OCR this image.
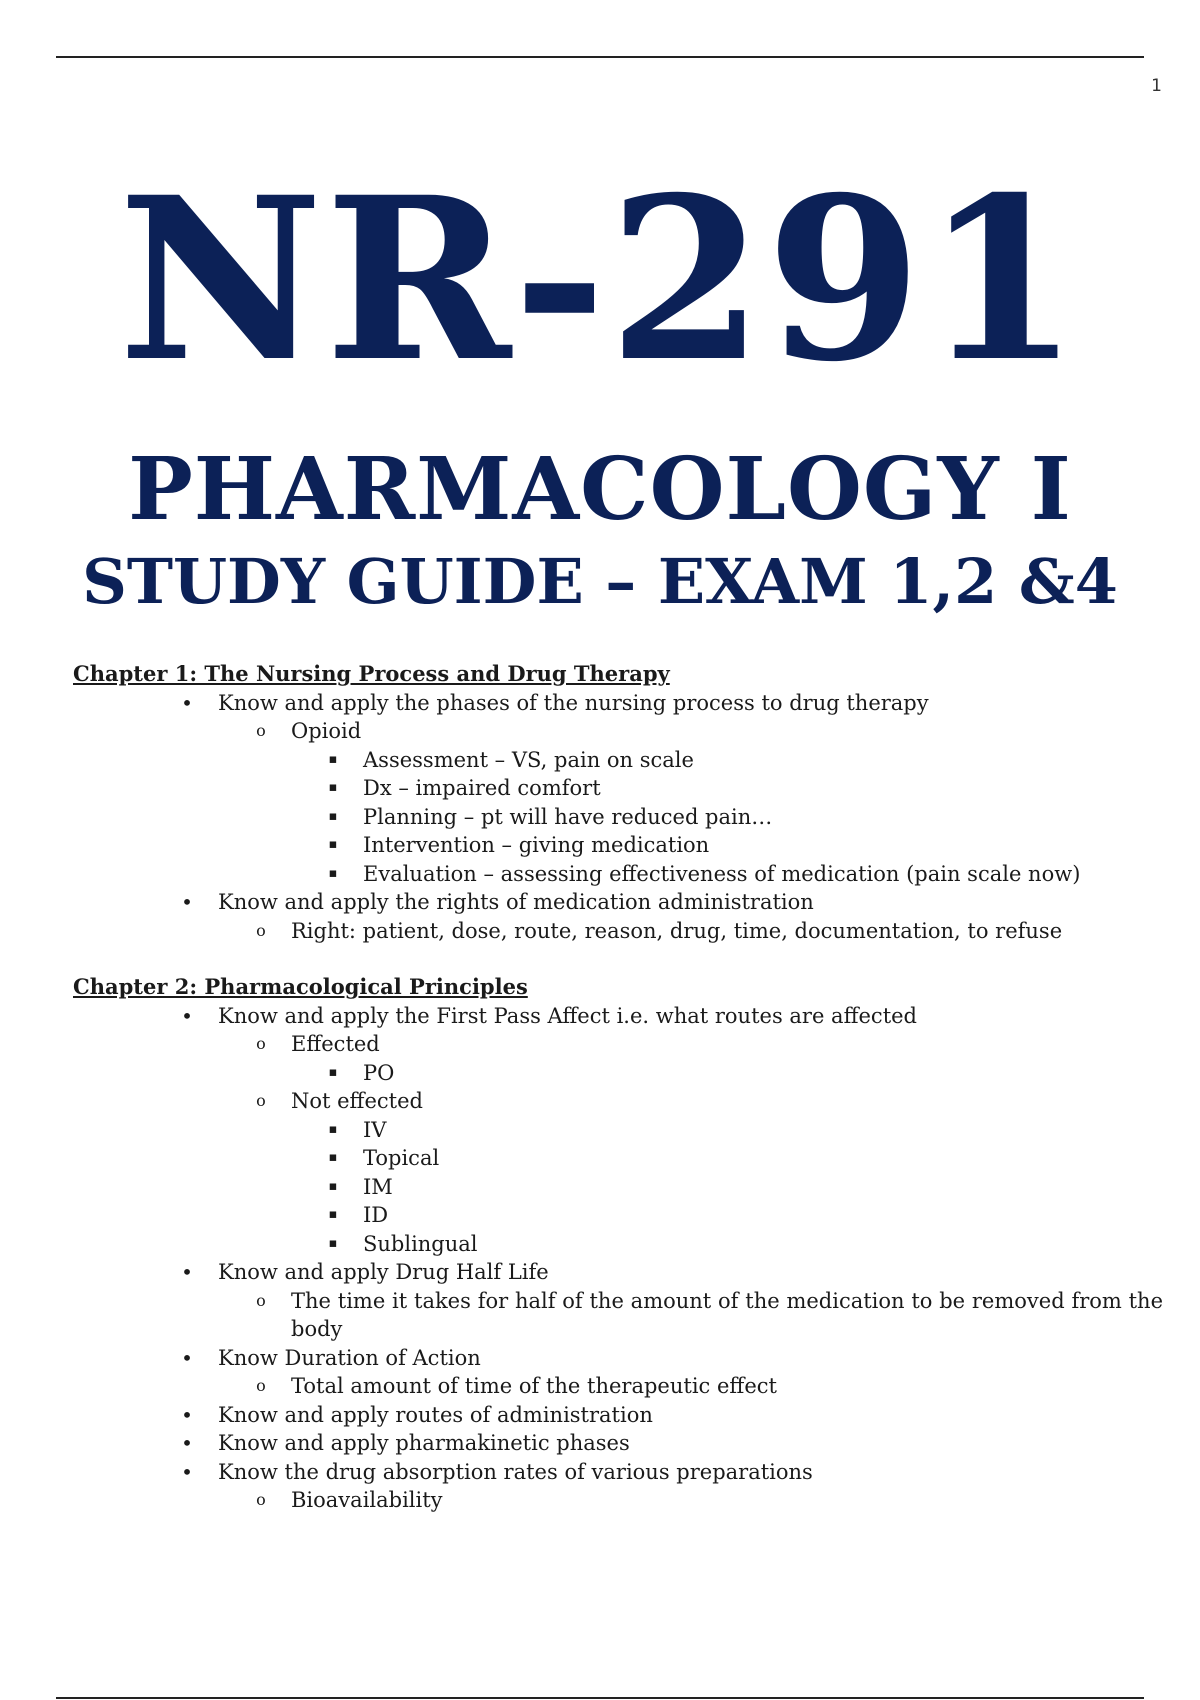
1
NR-291
PHARMACOLOGY I
STUDY GUIDE – EXAM 1,2 &4

Chapter 1: The Nursing Process and Drug Therapy

• Know and apply the phases of the nursing process to drug therapy
o Opioid
▪ Assessment – VS, pain on scale
▪ Dx – impaired comfort
▪ Planning – pt will have reduced pain…
▪ Intervention – giving medication
▪ Evaluation – assessing effectiveness of medication (pain scale now)
• Know and apply the rights of medication administration
o Right: patient, dose, route, reason, drug, time, documentation, to refuse

Chapter 2: Pharmacological Principles

• Know and apply the First Pass Affect i.e. what routes are affected
o Effected
▪ PO
o Not effected
▪ IV
▪ Topical
▪ IM
▪ ID
▪ Sublingual
• Know and apply Drug Half Life
o The time it takes for half of the amount of the medication to be removed from the body
• Know Duration of Action
o Total amount of time of the therapeutic effect
• Know and apply routes of administration
• Know and apply pharmakinetic phases
• Know the drug absorption rates of various preparations
o Bioavailability
